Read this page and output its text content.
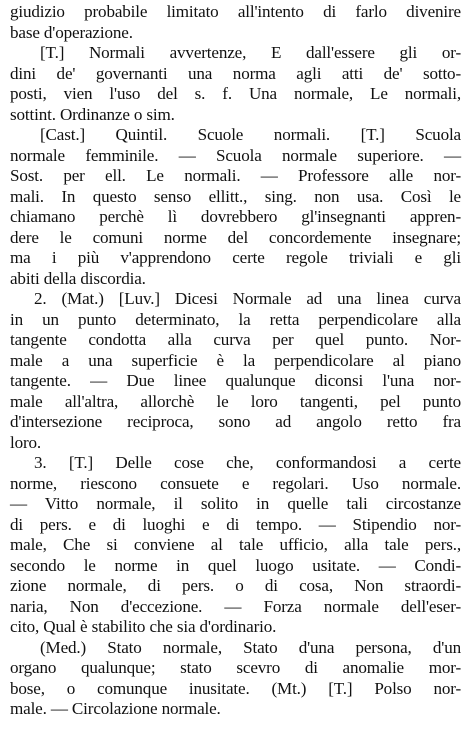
giudizio probabile limitato all'intento di farlo divenire
base d'operazione.
[T.] Normali avvertenze, E dall'essere gli or-
dini de' governanti una norma agli atti de' sotto-
posti, vien l'uso del s. f. Una normale, Le normali,
sottint. Ordinanze o sim.
[Cast.] Quintil. Scuole normali. [T.] Scuola
normale femminile. — Scuola normale superiore. —
Sost. per ell. Le normali. — Professore alle nor-
mali. In questo senso ellitt., sing. non usa. Così le
chiamano perchè lì dovrebbero gl'insegnanti appren-
dere le comuni norme del concordemente insegnare;
ma i più v'apprendono certe regole triviali e gli
abiti della discordia.
2. (Mat.) [Luv.] Dicesi Normale ad una linea curva
in un punto determinato, la retta perpendicolare alla
tangente condotta alla curva per quel punto. Nor-
male a una superficie è la perpendicolare al piano
tangente. — Due linee qualunque diconsi l'una nor-
male all'altra, allorchè le loro tangenti, pel punto
d'intersezione reciproca, sono ad angolo retto fra
loro.
3. [T.] Delle cose che, conformandosi a certe
norme, riescono consuete e regolari. Uso normale.
— Vitto normale, il solito in quelle tali circostanze
di pers. e di luoghi e di tempo. — Stipendio nor-
male, Che si conviene al tale ufficio, alla tale pers.,
secondo le norme in quel luogo usitate. — Condi-
zione normale, di pers. o di cosa, Non straordi-
naria, Non d'eccezione. — Forza normale dell'eser-
cito, Qual è stabilito che sia d'ordinario.
(Med.) Stato normale, Stato d'una persona, d'un
organo qualunque; stato scevro di anomalie mor-
bose, o comunque inusitate. (Mt.) [T.] Polso nor-
male. — Circolazione normale.
